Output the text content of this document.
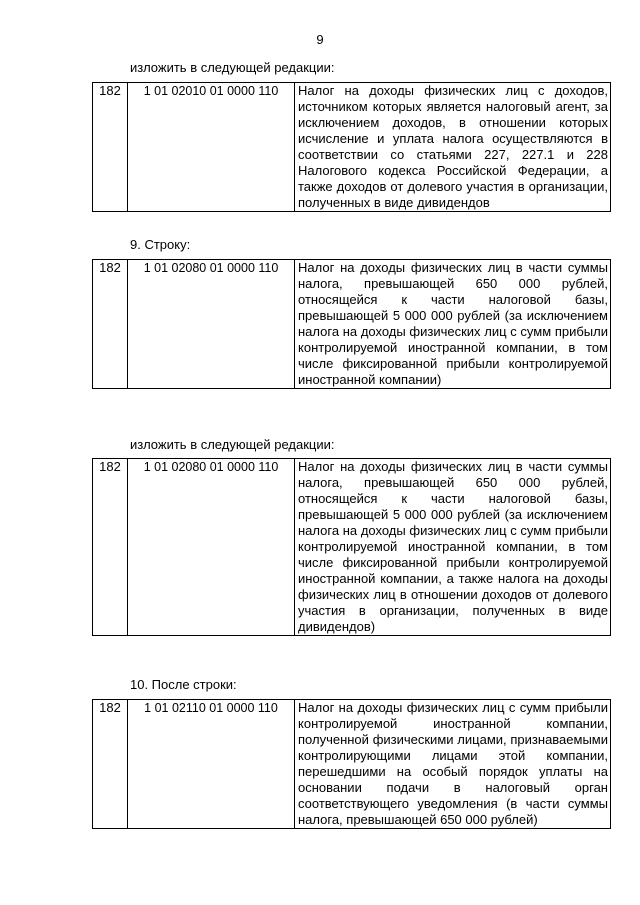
9
изложить в следующей редакции:
182	1 01 02010 01 0000 110	Налог на доходы физических лиц с доходов, источником которых является налоговый агент, за исключением доходов, в отношении которых исчисление и уплата налога осуществляются в соответствии со статьями 227, 227.1 и 228 Налогового кодекса Российской Федерации, а также доходов от долевого участия в организации, полученных в виде дивидендов
9. Строку:
182	1 01 02080 01 0000 110	Налог на доходы физических лиц в части суммы налога, превышающей 650 000 рублей, относящейся к части налоговой базы, превышающей 5 000 000 рублей (за исключением налога на доходы физических лиц с сумм прибыли контролируемой иностранной компании, в том числе фиксированной прибыли контролируемой иностранной компании)
изложить в следующей редакции:
182	1 01 02080 01 0000 110	Налог на доходы физических лиц в части суммы налога, превышающей 650 000 рублей, относящейся к части налоговой базы, превышающей 5 000 000 рублей (за исключением налога на доходы физических лиц с сумм прибыли контролируемой иностранной компании, в том числе фиксированной прибыли контролируемой иностранной компании, а также налога на доходы физических лиц в отношении доходов от долевого участия в организации, полученных в виде дивидендов)
10. После строки:
182	1 01 02110 01 0000 110	Налог на доходы физических лиц с сумм прибыли контролируемой иностранной компании, полученной физическими лицами, признаваемыми контролирующими лицами этой компании, перешедшими на особый порядок уплаты на основании подачи в налоговый орган соответствующего уведомления (в части суммы налога, превышающей 650 000 рублей)
